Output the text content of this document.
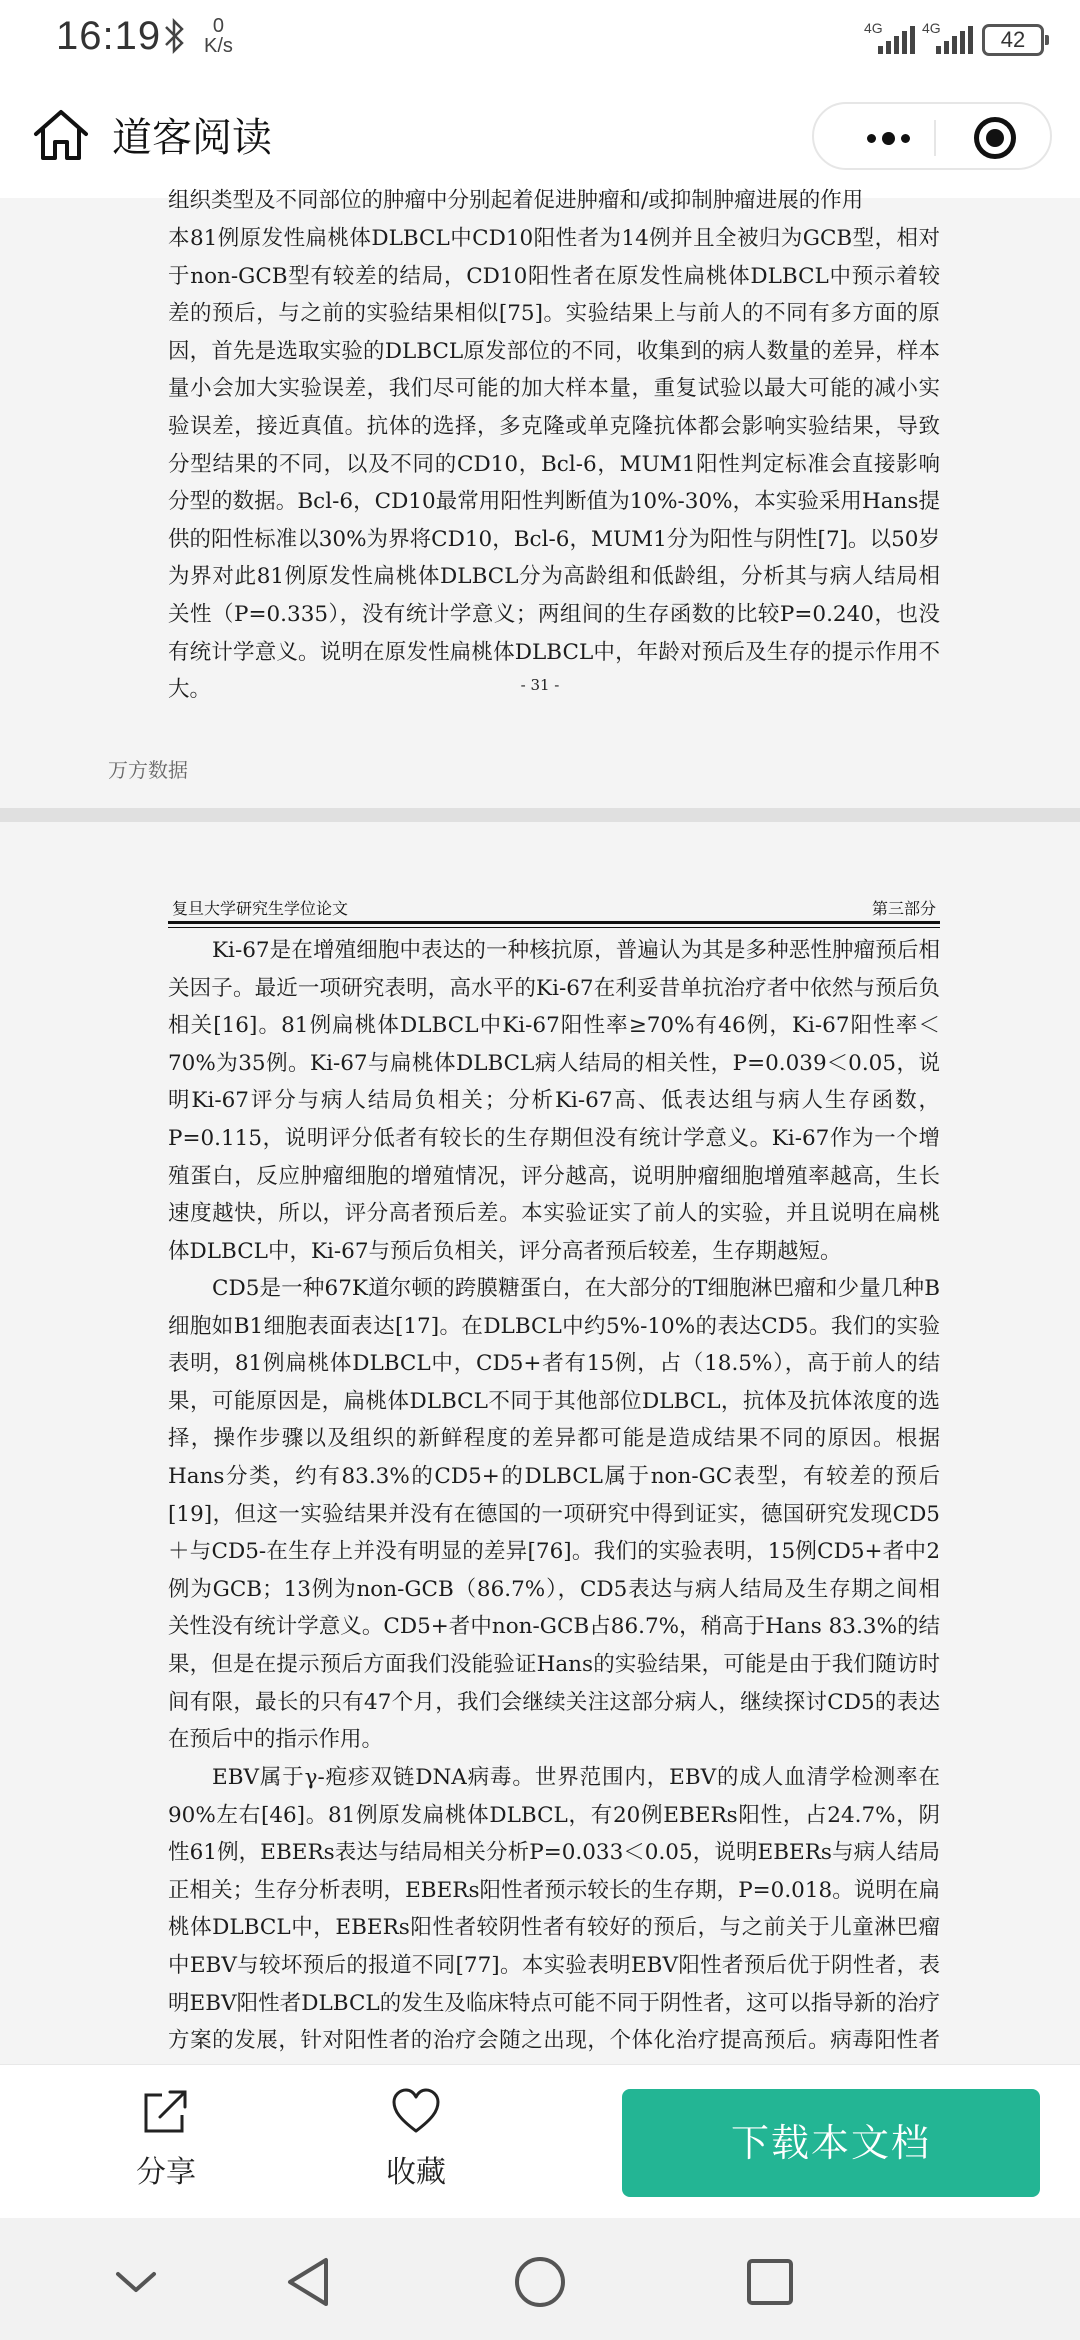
16:19	0
K/s
4G	4G	42
道客阅读
组织类型及不同部位的肿瘤中分别起着促进肿瘤和/或抑制肿瘤进展的作用
本81例原发性扁桃体DLBCL中CD10阳性者为14例并且全被归为GCB型，相对于non-GCB型有较差的结局，CD10阳性者在原发性扁桃体DLBCL中预示着较差的预后，与之前的实验结果相似[75]。实验结果上与前人的不同有多方面的原因，首先是选取实验的DLBCL原发部位的不同，收集到的病人数量的差异，样本量小会加大实验误差，我们尽可能的加大样本量，重复试验以最大可能的减小实验误差，接近真值。抗体的选择，多克隆或单克隆抗体都会影响实验结果，导致分型结果的不同，以及不同的CD10，Bcl-6，MUM1阳性判定标准会直接影响分型的数据。Bcl-6，CD10最常用阳性判断值为10%-30%，本实验采用Hans提供的阳性标准以30%为界将CD10，Bcl-6，MUM1分为阳性与阴性[7]。以50岁为界对此81例原发性扁桃体DLBCL分为高龄组和低龄组，分析其与病人结局相关性（P=0.335），没有统计学意义；两组间的生存函数的比较P=0.240，也没有统计学意义。说明在原发性扁桃体DLBCL中，年龄对预后及生存的提示作用不大。	- 31 -
万方数据
复旦大学研究生学位论文	第三部分
Ki-67是在增殖细胞中表达的一种核抗原，普遍认为其是多种恶性肿瘤预后相关因子。最近一项研究表明，高水平的Ki-67在利妥昔单抗治疗者中依然与预后负相关[16]。81例扁桃体DLBCL中Ki-67阳性率≥70%有46例，Ki-67阳性率＜70%为35例。Ki-67与扁桃体DLBCL病人结局的相关性，P=0.039＜0.05，说明Ki-67评分与病人结局负相关；分析Ki-67高、低表达组与病人生存函数，P=0.115，说明评分低者有较长的生存期但没有统计学意义。Ki-67作为一个增殖蛋白，反应肿瘤细胞的增殖情况，评分越高，说明肿瘤细胞增殖率越高，生长速度越快，所以，评分高者预后差。本实验证实了前人的实验，并且说明在扁桃体DLBCL中，Ki-67与预后负相关，评分高者预后较差，生存期越短。
CD5是一种67K道尔顿的跨膜糖蛋白，在大部分的T细胞淋巴瘤和少量几种B细胞如B1细胞表面表达[17]。在DLBCL中约5%-10%的表达CD5。我们的实验表明，81例扁桃体DLBCL中，CD5+者有15例，占（18.5%），高于前人的结果，可能原因是，扁桃体DLBCL不同于其他部位DLBCL，抗体及抗体浓度的选择，操作步骤以及组织的新鲜程度的差异都可能是造成结果不同的原因。根据Hans分类，约有83.3%的CD5+的DLBCL属于non-GC表型，有较差的预后[19]，但这一实验结果并没有在德国的一项研究中得到证实，德国研究发现CD5＋与CD5-在生存上并没有明显的差异[76]。我们的实验表明，15例CD5+者中2例为GCB；13例为non-GCB（86.7%），CD5表达与病人结局及生存期之间相关性没有统计学意义。CD5+者中non-GCB占86.7%，稍高于Hans 83.3%的结果，但是在提示预后方面我们没能验证Hans的实验结果，可能是由于我们随访时间有限，最长的只有47个月，我们会继续关注这部分病人，继续探讨CD5的表达在预后中的指示作用。
EBV属于γ-疱疹双链DNA病毒。世界范围内，EBV的成人血清学检测率在90%左右[46]。81例原发扁桃体DLBCL，有20例EBERs阳性，占24.7%，阴性61例，EBERs表达与结局相关分析P=0.033＜0.05，说明EBERs与病人结局正相关；生存分析表明，EBERs阳性者预示较长的生存期，P=0.018。说明在扁桃体DLBCL中，EBERs阳性者较阴性者有较好的预后，与之前关于儿童淋巴瘤中EBV与较坏预后的报道不同[77]。本实验表明EBV阳性者预后优于阴性者，表明EBV阳性者DLBCL的发生及临床特点可能不同于阴性者，这可以指导新的治疗方案的发展，针对阳性者的治疗会随之出现，个体化治疗提高预后。病毒阳性者
分享	收藏
下载本文档
